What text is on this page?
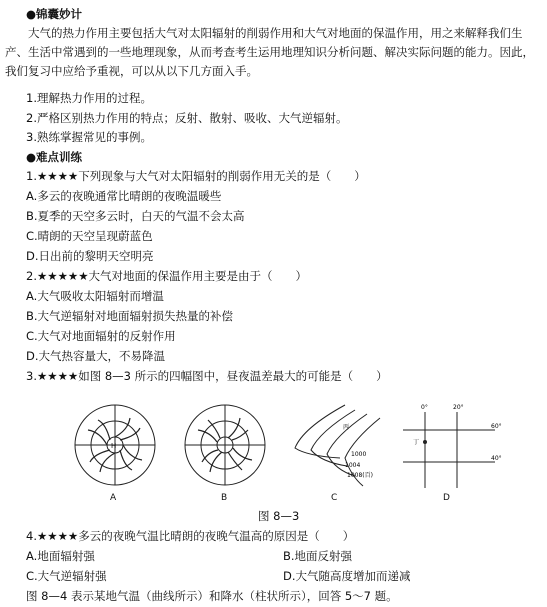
●锦囊妙计
大气的热力作用主要包括大气对太阳辐射的削弱作用和大气对地面的保温作用，用之来解释我们生产、生活中常遇到的一些地理现象，从而考查考生运用地理知识分析问题、解决实际问题的能力。因此，我们复习中应给予重视，可以从以下几方面入手。
1.理解热力作用的过程。
2.严格区别热力作用的特点；反射、散射、吸收、大气逆辐射。
3.熟练掌握常见的事例。
●难点训练
1.★★★★下列现象与大气对太阳辐射的削弱作用无关的是（　　）
A.多云的夜晚通常比晴朗的夜晚温暖些
B.夏季的天空多云时，白天的气温不会太高
C.晴朗的天空呈现蔚蓝色
D.日出前的黎明天空明亮
2.★★★★★大气对地面的保温作用主要是由于（　　）
A.大气吸收太阳辐射而增温
B.大气逆辐射对地面辐射损失热量的补偿
C.大气对地面辐射的反射作用
D.大气热容量大，不易降温
3.★★★★如图 8—3 所示的四幅图中，昼夜温差最大的可能是（　　）
H
丙
1000
1004
1008(百)
0°	20°
60°
40°
丁
A	B	C	D
图 8—3
4.★★★★多云的夜晚气温比晴朗的夜晚气温高的原因是（　　）
A.地面辐射强	B.地面反射强
C.大气逆辐射强	D.大气随高度增加而递减
图 8—4 表示某地气温（曲线所示）和降水（柱状所示），回答 5～7 题。
